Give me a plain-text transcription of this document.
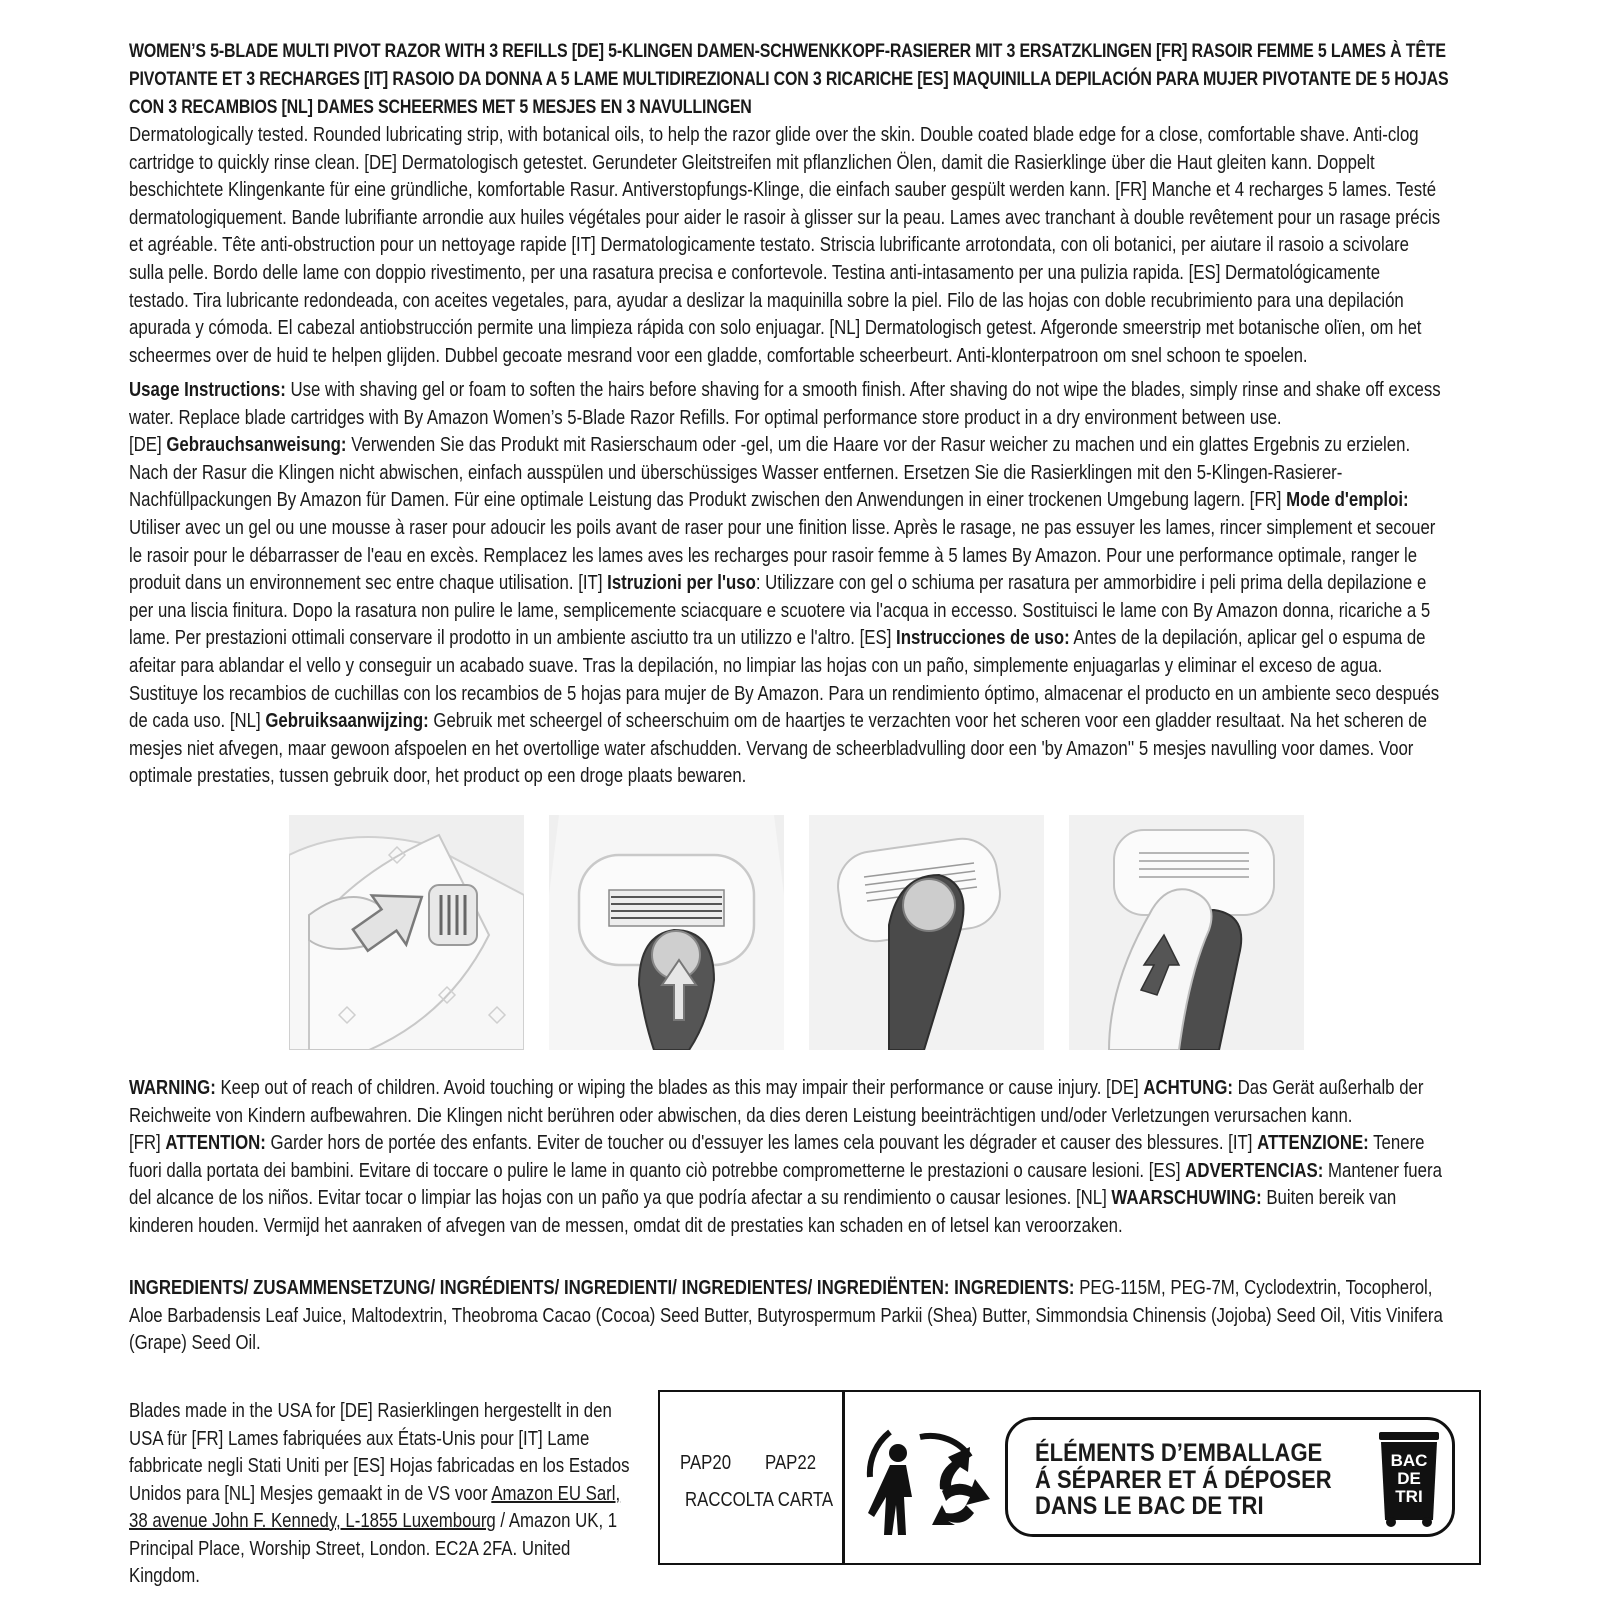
WOMEN’S 5-BLADE MULTI PIVOT RAZOR WITH 3 REFILLS [DE] 5-KLINGEN DAMEN-SCHWENKKOPF-RASIERER MIT 3 ERSATZKLINGEN [FR] RASOIR FEMME 5 LAMES À TÊTE PIVOTANTE ET 3 RECHARGES [IT] RASOIO DA DONNA A 5 LAME MULTIDIREZIONALI CON 3 RICARICHE [ES] MAQUINILLA DEPILACIÓN PARA MUJER PIVOTANTE DE 5 HOJAS CON 3 RECAMBIOS [NL] DAMES SCHEERMES MET 5 MESJES EN 3 NAVULLINGEN
Dermatologically tested. Rounded lubricating strip, with botanical oils, to help the razor glide over the skin. Double coated blade edge for a close, comfortable shave. Anti-clog cartridge to quickly rinse clean. [DE] Dermatologisch getestet. Gerundeter Gleitstreifen mit pflanzlichen Ölen, damit die Rasierklinge über die Haut gleiten kann. Doppelt beschichtete Klingenkante für eine gründliche, komfortable Rasur. Antiverstopfungs-Klinge, die einfach sauber gespült werden kann. [FR] Manche et 4 recharges 5 lames. Testé dermatologiquement. Bande lubrifiante arrondie aux huiles végétales pour aider le rasoir à glisser sur la peau. Lames avec tranchant à double revêtement pour un rasage précis et agréable. Tête anti-obstruction pour un nettoyage rapide [IT] Dermatologicamente testato. Striscia lubrificante arrotondata, con oli botanici, per aiutare il rasoio a scivolare sulla pelle. Bordo delle lame con doppio rivestimento, per una rasatura precisa e confortevole. Testina anti-intasamento per una pulizia rapida. [ES] Dermatológicamente testado. Tira lubricante redondeada, con aceites vegetales, para, ayudar a deslizar la maquinilla sobre la piel. Filo de las hojas con doble recubrimiento para una depilación apurada y cómoda. El cabezal antiobstrucción permite una limpieza rápida con solo enjuagar. [NL] Dermatologisch getest. Afgeronde smeerstrip met botanische olïen, om het scheermes over de huid te helpen glijden. Dubbel gecoate mesrand voor een gladde, comfortable scheerbeurt. Anti-klonterpatroon om snel schoon te spoelen.
Usage Instructions: Use with shaving gel or foam to soften the hairs before shaving for a smooth finish. After shaving do not wipe the blades, simply rinse and shake off excess water. Replace blade cartridges with By Amazon Women’s 5-Blade Razor Refills. For optimal performance store product in a dry environment between use.
[DE] Gebrauchsanweisung: Verwenden Sie das Produkt mit Rasierschaum oder -gel, um die Haare vor der Rasur weicher zu machen und ein glattes Ergebnis zu erzielen. Nach der Rasur die Klingen nicht abwischen, einfach ausspülen und überschüssiges Wasser entfernen. Ersetzen Sie die Rasierklingen mit den 5-Klingen-Rasierer-Nachfüllpackungen By Amazon für Damen. Für eine optimale Leistung das Produkt zwischen den Anwendungen in einer trockenen Umgebung lagern. [FR] Mode d'emploi: Utiliser avec un gel ou une mousse à raser pour adoucir les poils avant de raser pour une finition lisse. Après le rasage, ne pas essuyer les lames, rincer simplement et secouer le rasoir pour le débarrasser de l'eau en excès. Remplacez les lames aves les recharges pour rasoir femme à 5 lames By Amazon. Pour une performance optimale, ranger le produit dans un environnement sec entre chaque utilisation. [IT] Istruzioni per l'uso: Utilizzare con gel o schiuma per rasatura per ammorbidire i peli prima della depilazione e per una liscia finitura. Dopo la rasatura non pulire le lame, semplicemente sciacquare e scuotere via l'acqua in eccesso. Sostituisci le lame con By Amazon donna, ricariche a 5 lame. Per prestazioni ottimali conservare il prodotto in un ambiente asciutto tra un utilizzo e l'altro. [ES] Instrucciones de uso: Antes de la depilación, aplicar gel o espuma de afeitar para ablandar el vello y conseguir un acabado suave. Tras la depilación, no limpiar las hojas con un paño, simplemente enjuagarlas y eliminar el exceso de agua. Sustituye los recambios de cuchillas con los recambios de 5 hojas para mujer de By Amazon. Para un rendimiento óptimo, almacenar el producto en un ambiente seco después de cada uso. [NL] Gebruiksaanwijzing: Gebruik met scheergel of scheerschuim om de haartjes te verzachten voor het scheren voor een gladder resultaat. Na het scheren de mesjes niet afvegen, maar gewoon afspoelen en het overtollige water afschudden. Vervang de scheerbladvulling door een 'by Amazon'' 5 mesjes navulling voor dames. Voor optimale prestaties, tussen gebruik door, het product op een droge plaats bewaren.
WARNING: Keep out of reach of children. Avoid touching or wiping the blades as this may impair their performance or cause injury. [DE] ACHTUNG: Das Gerät außerhalb der Reichweite von Kindern aufbewahren. Die Klingen nicht berühren oder abwischen, da dies deren Leistung beeinträchtigen und/oder Verletzungen verursachen kann.
[FR] ATTENTION: Garder hors de portée des enfants. Eviter de toucher ou d'essuyer les lames cela pouvant les dégrader et causer des blessures. [IT] ATTENZIONE: Tenere fuori dalla portata dei bambini. Evitare di toccare o pulire le lame in quanto ciò potrebbe comprometterne le prestazioni o causare lesioni. [ES] ADVERTENCIAS: Mantener fuera del alcance de los niños. Evitar tocar o limpiar las hojas con un paño ya que podría afectar a su rendimiento o causar lesiones. [NL] WAARSCHUWING: Buiten bereik van kinderen houden. Vermijd het aanraken of afvegen van de messen, omdat dit de prestaties kan schaden en of letsel kan veroorzaken.
INGREDIENTS/ ZUSAMMENSETZUNG/ INGRÉDIENTS/ INGREDIENTI/ INGREDIENTES/ INGREDIËNTEN: INGREDIENTS: PEG-115M, PEG-7M, Cyclodextrin, Tocopherol, Aloe Barbadensis Leaf Juice, Maltodextrin, Theobroma Cacao (Cocoa) Seed Butter, Butyrospermum Parkii (Shea) Butter, Simmondsia Chinensis (Jojoba) Seed Oil, Vitis Vinifera (Grape) Seed Oil.
Blades made in the USA for [DE] Rasierklingen hergestellt in den USA für [FR] Lames fabriquées aux États-Unis pour [IT] Lame fabbricate negli Stati Uniti per [ES] Hojas fabricadas en los Estados Unidos para [NL] Mesjes gemaakt in de VS voor Amazon EU Sarl, 38 avenue John F. Kennedy, L-1855 Luxembourg / Amazon UK, 1 Principal Place, Worship Street, London. EC2A 2FA. United Kingdom.
PAP20 PAP22
RACCOLTA CARTA
ÉLÉMENTS D’EMBALLAGE
Á SÉPARER ET Á DÉPOSER
DANS LE BAC DE TRI
BAC
DE
TRI
